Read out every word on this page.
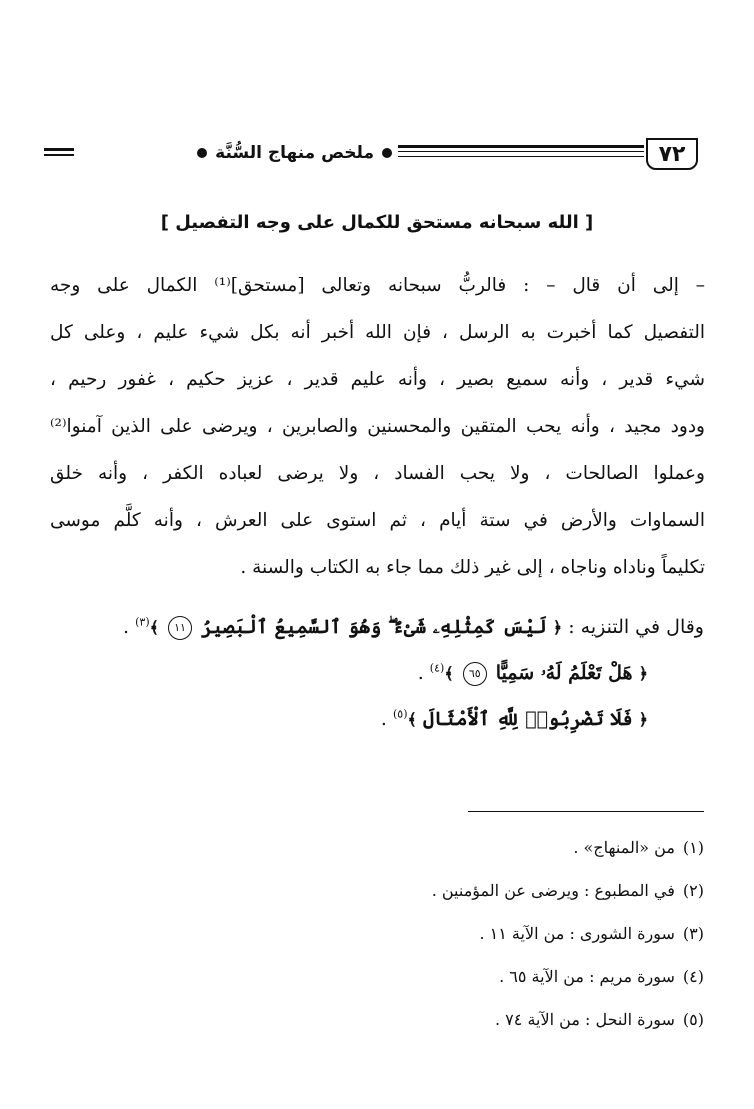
٧٢
ملخص منهاج السُّنَّة
[ الله سبحانه مستحق للكمال على وجه التفصيل ]
– إلى أن قال – : فالربُّ سبحانه وتعالى [مستحق]⁽¹⁾ الكمال على وجه
التفصيل كما أخبرت به الرسل ، فإن الله أخبر أنه بكل شيء عليم ، وعلى كل
شيء قدير ، وأنه سميع بصير ، وأنه عليم قدير ، عزيز حكيم ، غفور رحيم ،
ودود مجيد ، وأنه يحب المتقين والمحسنين والصابرين ، ويرضى على الذين آمنوا⁽²⁾
وعملوا الصالحات ، ولا يحب الفساد ، ولا يرضى لعباده الكفر ، وأنه خلق
السماوات والأرض في ستة أيام ، ثم استوى على العرش ، وأنه كلَّم موسى
تكليماً وناداه وناجاه ، إلى غير ذلك مما جاء به الكتاب والسنة .
وقال في التنزيه : ﴿ لَيْسَ كَمِثْلِهِۦ شَىْءٌ ۖ وَهُوَ ٱلسَّمِيعُ ٱلْبَصِيرُ ١١ ﴾$^{(٣)}$ .
﴿ هَلْ تَعْلَمُ لَهُۥ سَمِيًّا ٦٥ ﴾$^{(٤)}$ .
﴿ فَلَا تَضْرِبُوا۟ لِلَّهِ ٱلْأَمْثَالَ ﴾$^{(٥)}$ .
(١)من «المنهاج» .
(٢)في المطبوع : ويرضى عن المؤمنين .
(٣)سورة الشورى : من الآية ١١ .
(٤)سورة مريم : من الآية ٦٥ .
(٥)سورة النحل : من الآية ٧٤ .
